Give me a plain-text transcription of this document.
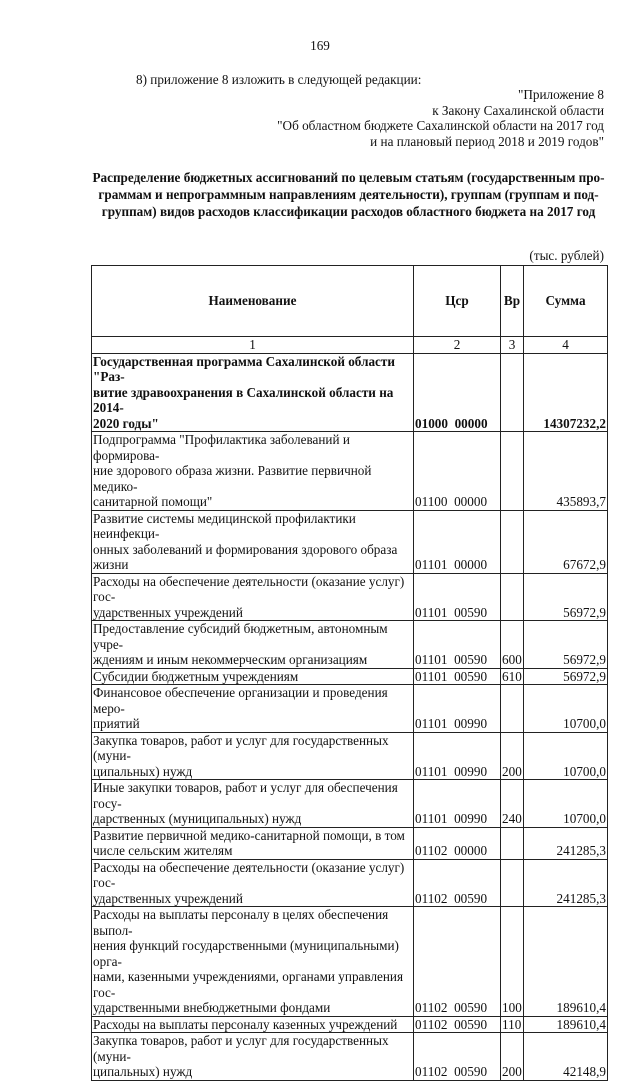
169
8) приложение 8 изложить в следующей редакции:
"Приложение 8
к Закону Сахалинской области
"Об областном бюджете Сахалинской области на 2017 год
и на плановый период 2018 и 2019 годов"
Распределение бюджетных ассигнований по целевым статьям (государственным про-
граммам и непрограммным направлениям деятельности), группам (группам и под-
группам) видов расходов классификации расходов областного бюджета на 2017 год
(тыс. рублей)
Наименование	Цср	Вр	Сумма
1	2	3	4
Государственная программа Сахалинской области "Раз-
витие здравоохранения в Сахалинской области на 2014-
2020 годы"	01000  00000		14307232,2
Подпрограмма "Профилактика заболеваний и формирова-
ние здорового образа жизни. Развитие первичной медико-
санитарной помощи"	01100  00000		435893,7
Развитие системы медицинской профилактики неинфекци-
онных заболеваний и формирования здорового образа
жизни	01101  00000		67672,9
Расходы на обеспечение деятельности (оказание услуг) гос-
ударственных учреждений	01101  00590		56972,9
Предоставление субсидий бюджетным, автономным учре-
ждениям и иным некоммерческим организациям	01101  00590	600	56972,9
Субсидии бюджетным учреждениям	01101  00590	610	56972,9
Финансовое обеспечение организации и проведения меро-
приятий	01101  00990		10700,0
Закупка товаров, работ и услуг для государственных (муни-
ципальных) нужд	01101  00990	200	10700,0
Иные закупки товаров, работ и услуг для обеспечения госу-
дарственных (муниципальных) нужд	01101  00990	240	10700,0
Развитие первичной медико-санитарной помощи, в том
числе сельским жителям	01102  00000		241285,3
Расходы на обеспечение деятельности (оказание услуг) гос-
ударственных учреждений	01102  00590		241285,3
Расходы на выплаты персоналу в целях обеспечения выпол-
нения функций государственными (муниципальными) орга-
нами, казенными учреждениями, органами управления гос-
ударственными внебюджетными фондами	01102  00590	100	189610,4
Расходы на выплаты персоналу казенных учреждений	01102  00590	110	189610,4
Закупка товаров, работ и услуг для государственных (муни-
ципальных) нужд	01102  00590	200	42148,9
